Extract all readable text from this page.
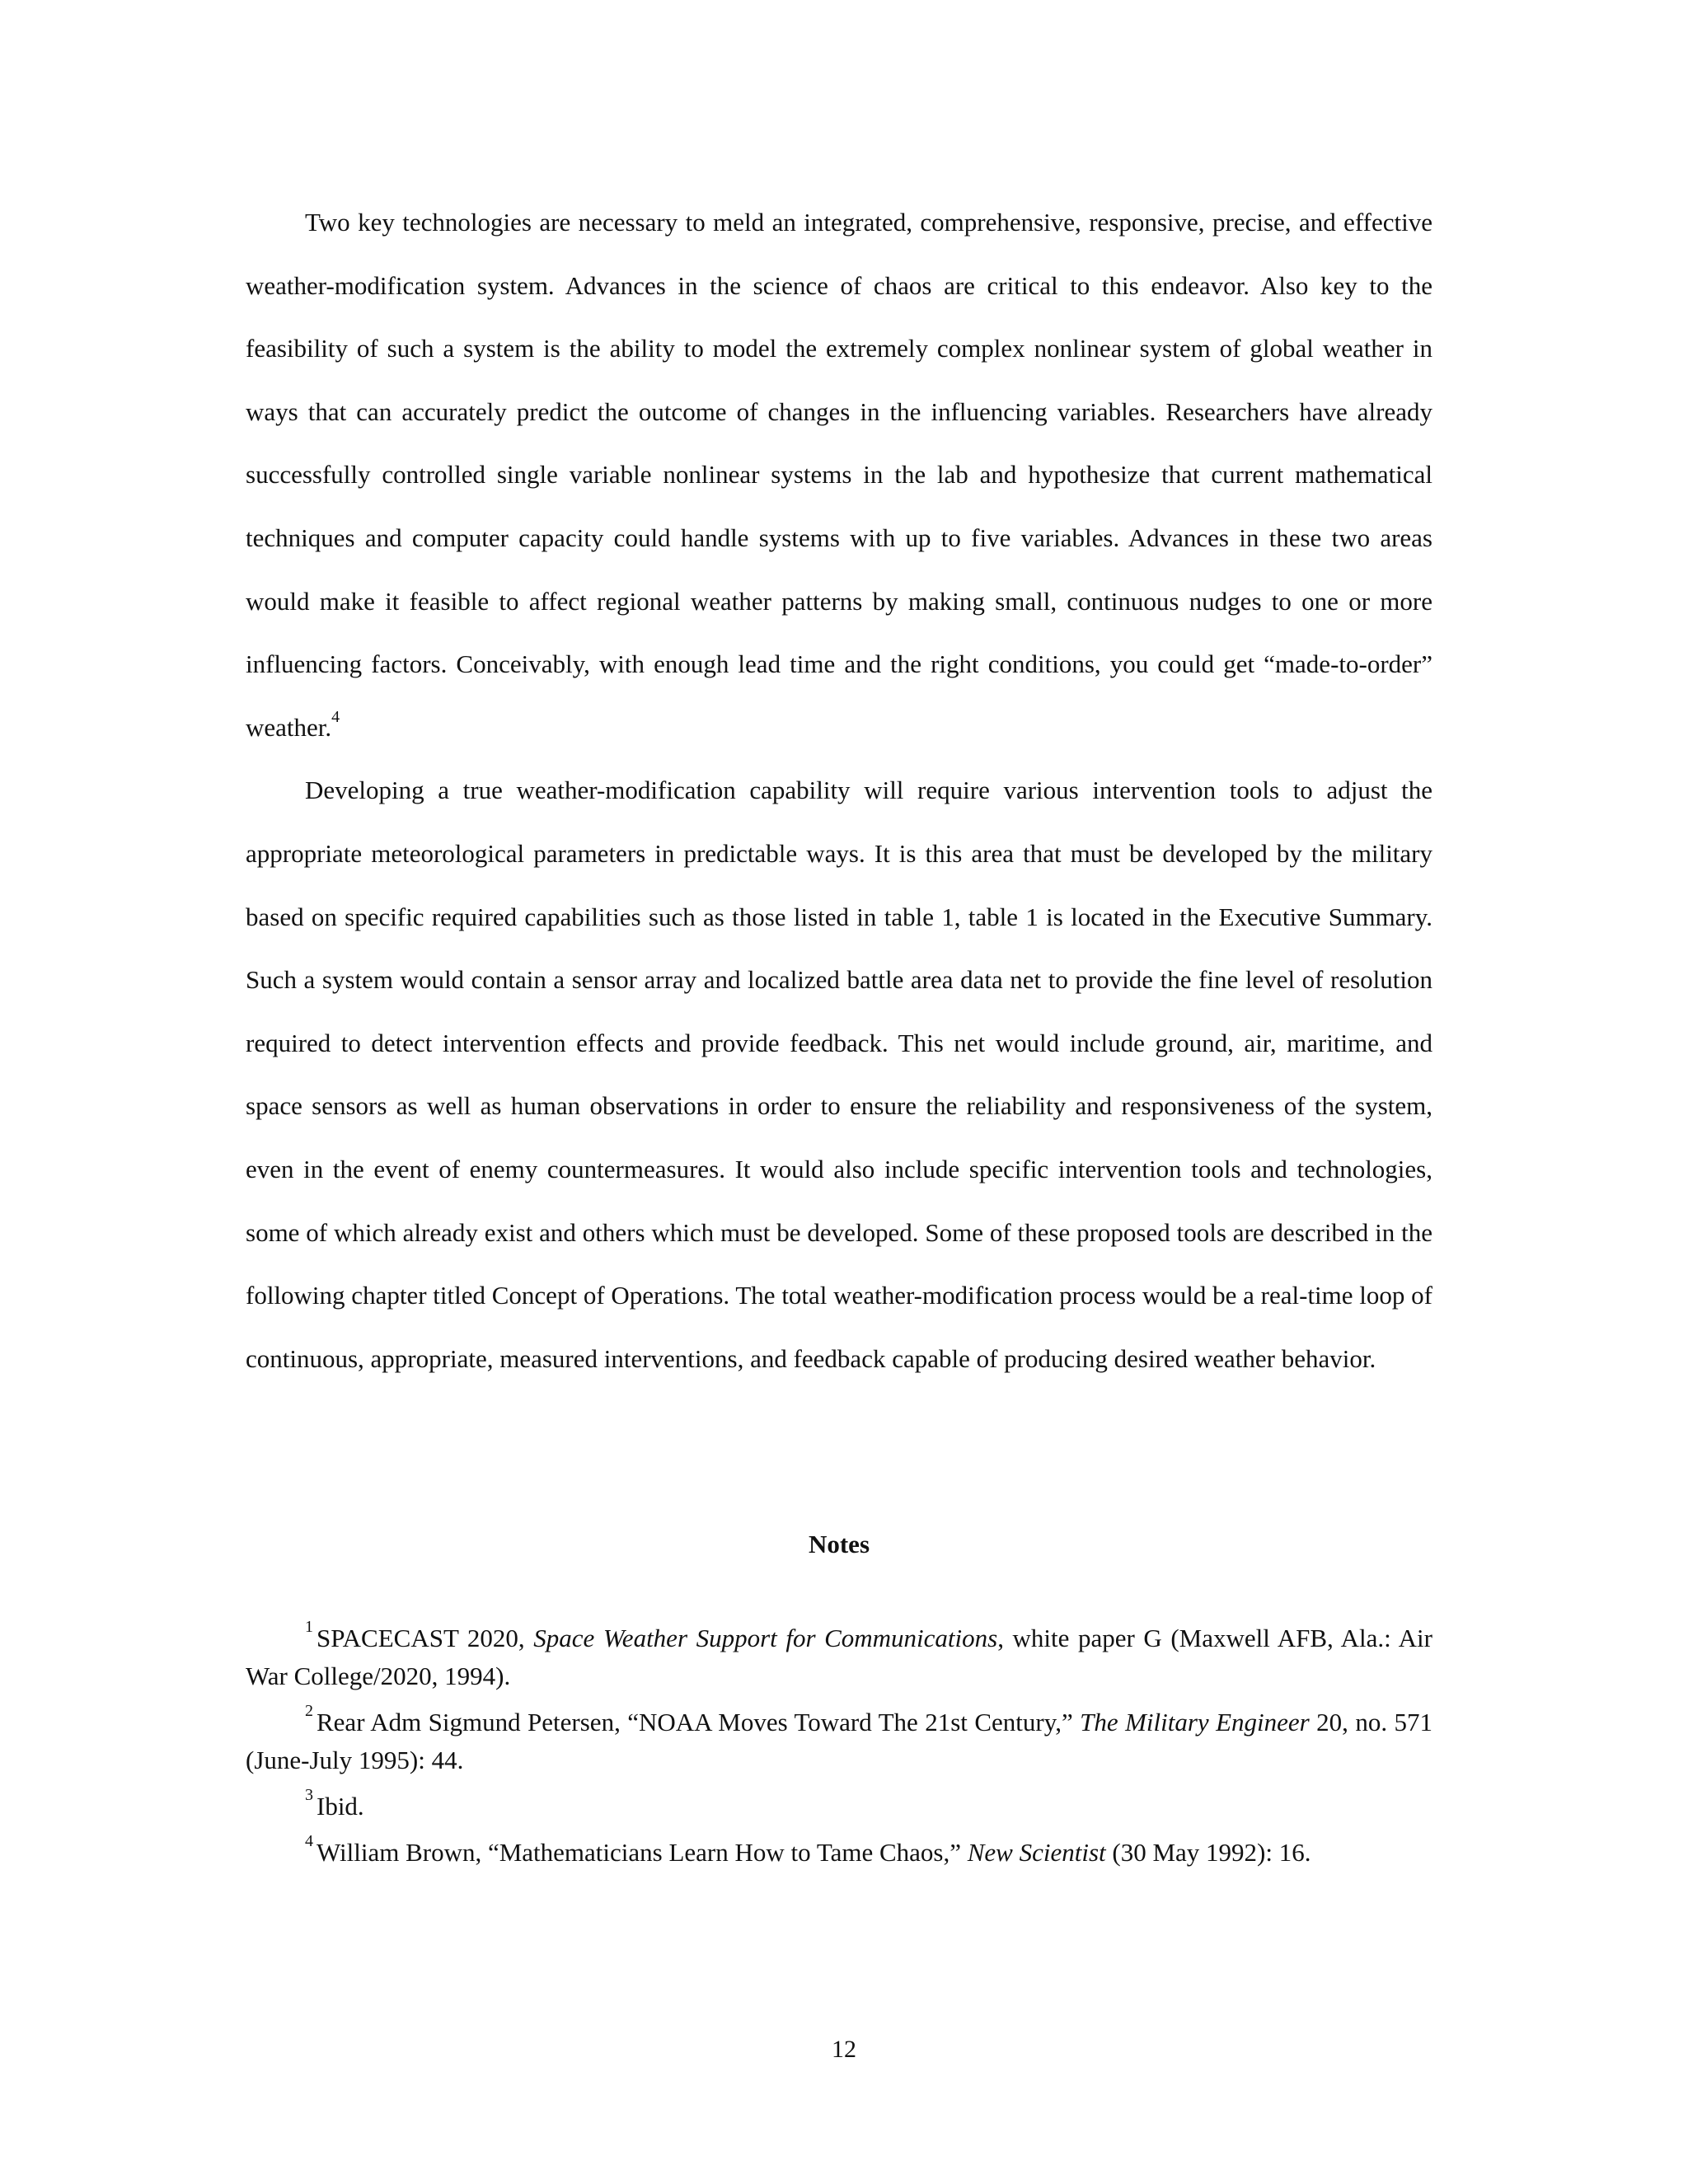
Two key technologies are necessary to meld an integrated, comprehensive, responsive, precise, and effective weather-modification system. Advances in the science of chaos are critical to this endeavor. Also key to the feasibility of such a system is the ability to model the extremely complex nonlinear system of global weather in ways that can accurately predict the outcome of changes in the influencing variables. Researchers have already successfully controlled single variable nonlinear systems in the lab and hypothesize that current mathematical techniques and computer capacity could handle systems with up to five variables. Advances in these two areas would make it feasible to affect regional weather patterns by making small, continuous nudges to one or more influencing factors. Conceivably, with enough lead time and the right conditions, you could get “made-to-order” weather.$^4$

Developing a true weather-modification capability will require various intervention tools to adjust the appropriate meteorological parameters in predictable ways. It is this area that must be developed by the military based on specific required capabilities such as those listed in table 1, table 1 is located in the Executive Summary. Such a system would contain a sensor array and localized battle area data net to provide the fine level of resolution required to detect intervention effects and provide feedback. This net would include ground, air, maritime, and space sensors as well as human observations in order to ensure the reliability and responsiveness of the system, even in the event of enemy countermeasures. It would also include specific intervention tools and technologies, some of which already exist and others which must be developed. Some of these proposed tools are described in the following chapter titled Concept of Operations. The total weather-modification process would be a real-time loop of continuous, appropriate, measured interventions, and feedback capable of producing desired weather behavior.

Notes

$^1$ SPACECAST 2020, Space Weather Support for Communications, white paper G (Maxwell AFB, Ala.: Air War College/2020, 1994).

$^2$ Rear Adm Sigmund Petersen, “NOAA Moves Toward The 21st Century,” The Military Engineer 20, no. 571 (June-July 1995): 44.

$^3$ Ibid.

$^4$ William Brown, “Mathematicians Learn How to Tame Chaos,” New Scientist (30 May 1992): 16.

12
